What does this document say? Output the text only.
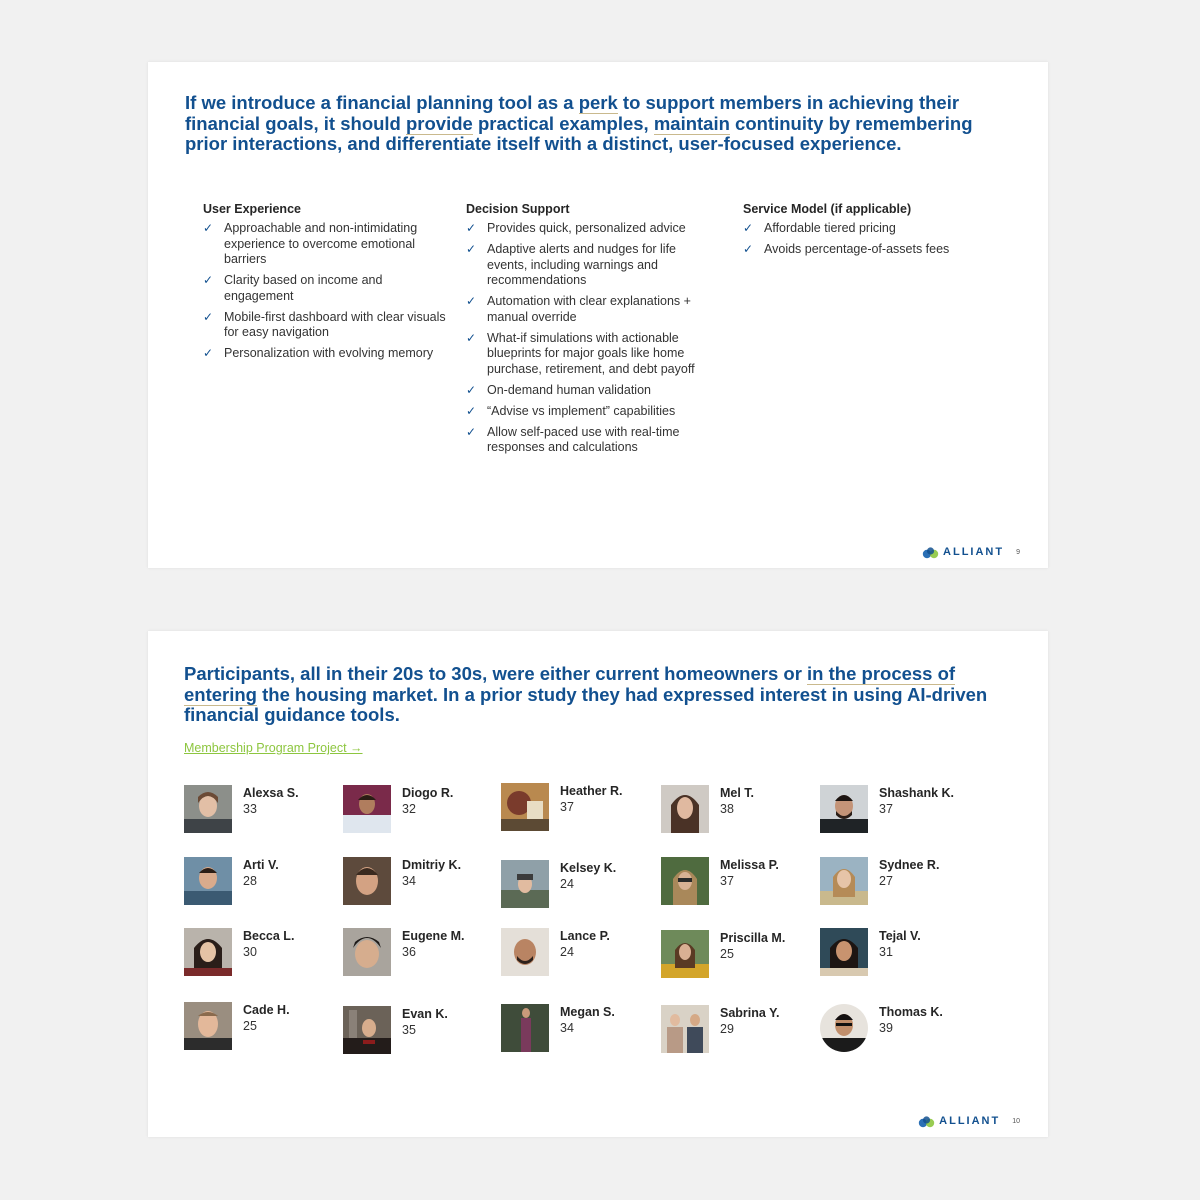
If we introduce a financial planning tool as a perk to support members in achieving their financial goals, it should provide practical examples, maintain continuity by remembering prior interactions, and differentiate itself with a distinct, user-focused experience.
User Experience
✓ Approachable and non-intimidating experience to overcome emotional barriers
✓ Clarity based on income and engagement
✓ Mobile-first dashboard with clear visuals for easy navigation
✓ Personalization with evolving memory
Decision Support
✓ Provides quick, personalized advice
✓ Adaptive alerts and nudges for life events, including warnings and recommendations
✓ Automation with clear explanations + manual override
✓ What-if simulations with actionable blueprints for major goals like home purchase, retirement, and debt payoff
✓ On-demand human validation
✓ “Advise vs implement” capabilities
✓ Allow self-paced use with real-time responses and calculations
Service Model (if applicable)
✓ Affordable tiered pricing
✓ Avoids percentage-of-assets fees
ALLIANT 9
Participants, all in their 20s to 30s, were either current homeowners or in the process of entering the housing market. In a prior study they had expressed interest in using AI-driven financial guidance tools.
Membership Program Project →
Alexsa S.
33
Diogo R.
32
Heather R.
37
Mel T.
38
Shashank K.
37
Arti V.
28
Dmitriy K.
34
Kelsey K.
24
Melissa P.
37
Sydnee R.
27
Becca L.
30
Eugene M.
36
Lance P.
24
Priscilla M.
25
Tejal V.
31
Cade H.
25
Evan K.
35
Megan S.
34
Sabrina Y.
29
Thomas K.
39
ALLIANT 10
